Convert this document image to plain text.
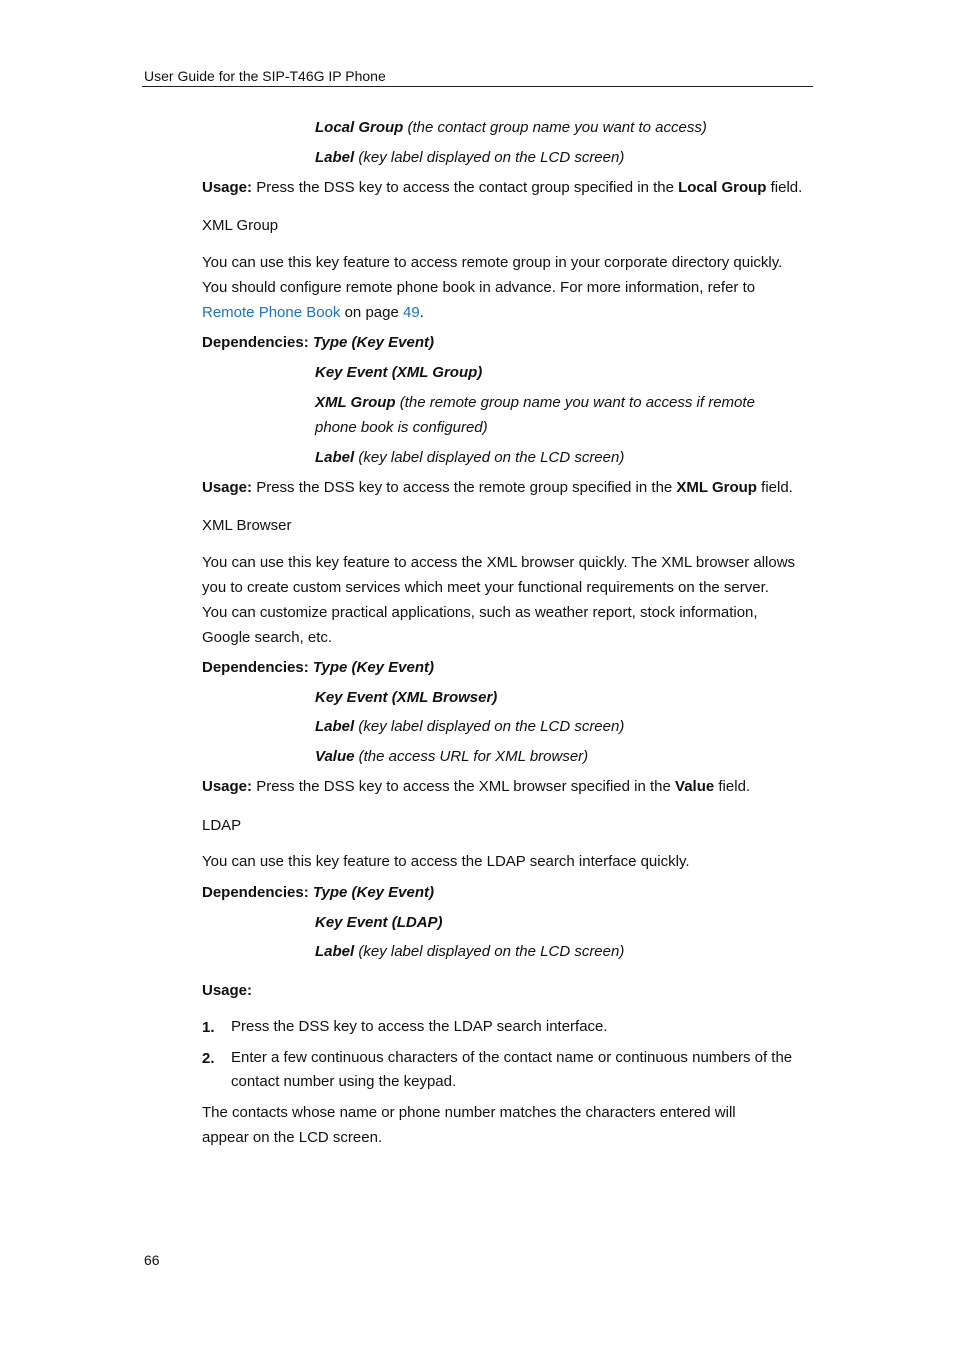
User Guide for the SIP-T46G IP Phone
Local Group (the contact group name you want to access)
Label (key label displayed on the LCD screen)
Usage: Press the DSS key to access the contact group specified in the Local Group field.
XML Group
You can use this key feature to access remote group in your corporate directory quickly.
You should configure remote phone book in advance. For more information, refer to
Remote Phone Book on page 49.
Dependencies: Type (Key Event)
Key Event (XML Group)
XML Group (the remote group name you want to access if remote
phone book is configured)
Label (key label displayed on the LCD screen)
Usage: Press the DSS key to access the remote group specified in the XML Group field.
XML Browser
You can use this key feature to access the XML browser quickly. The XML browser allows
you to create custom services which meet your functional requirements on the server.
You can customize practical applications, such as weather report, stock information,
Google search, etc.
Dependencies: Type (Key Event)
Key Event (XML Browser)
Label (key label displayed on the LCD screen)
Value (the access URL for XML browser)
Usage: Press the DSS key to access the XML browser specified in the Value field.
LDAP
You can use this key feature to access the LDAP search interface quickly.
Dependencies: Type (Key Event)
Key Event (LDAP)
Label (key label displayed on the LCD screen)
Usage:
1. Press the DSS key to access the LDAP search interface.
2. Enter a few continuous characters of the contact name or continuous numbers of the
contact number using the keypad.
The contacts whose name or phone number matches the characters entered will
appear on the LCD screen.
66
